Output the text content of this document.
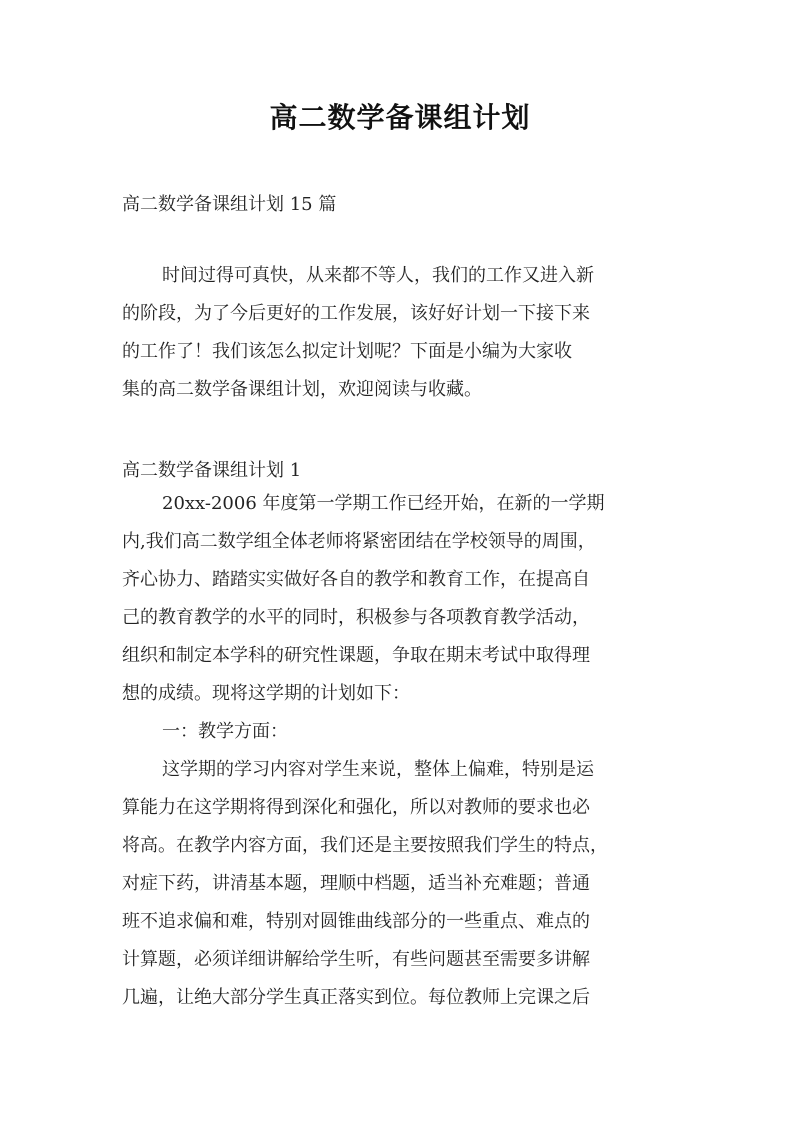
高二数学备课组计划
高二数学备课组计划 15 篇
时间过得可真快，从来都不等人，我们的工作又进入新
的阶段，为了今后更好的工作发展，该好好计划一下接下来
的工作了！我们该怎么拟定计划呢？下面是小编为大家收
集的高二数学备课组计划，欢迎阅读与收藏。
高二数学备课组计划 1
20xx-2006 年度第一学期工作已经开始，在新的一学期
内,我们高二数学组全体老师将紧密团结在学校领导的周围，
齐心协力、踏踏实实做好各自的教学和教育工作，在提高自
己的教育教学的水平的同时，积极参与各项教育教学活动，
组织和制定本学科的研究性课题，争取在期末考试中取得理
想的成绩。现将这学期的计划如下：
一：教学方面：
这学期的学习内容对学生来说，整体上偏难，特别是运
算能力在这学期将得到深化和强化，所以对教师的要求也必
将高。在教学内容方面，我们还是主要按照我们学生的特点，
对症下药，讲清基本题，理顺中档题，适当补充难题；普通
班不追求偏和难，特别对圆锥曲线部分的一些重点、难点的
计算题，必须详细讲解给学生听，有些问题甚至需要多讲解
几遍，让绝大部分学生真正落实到位。每位教师上完课之后
